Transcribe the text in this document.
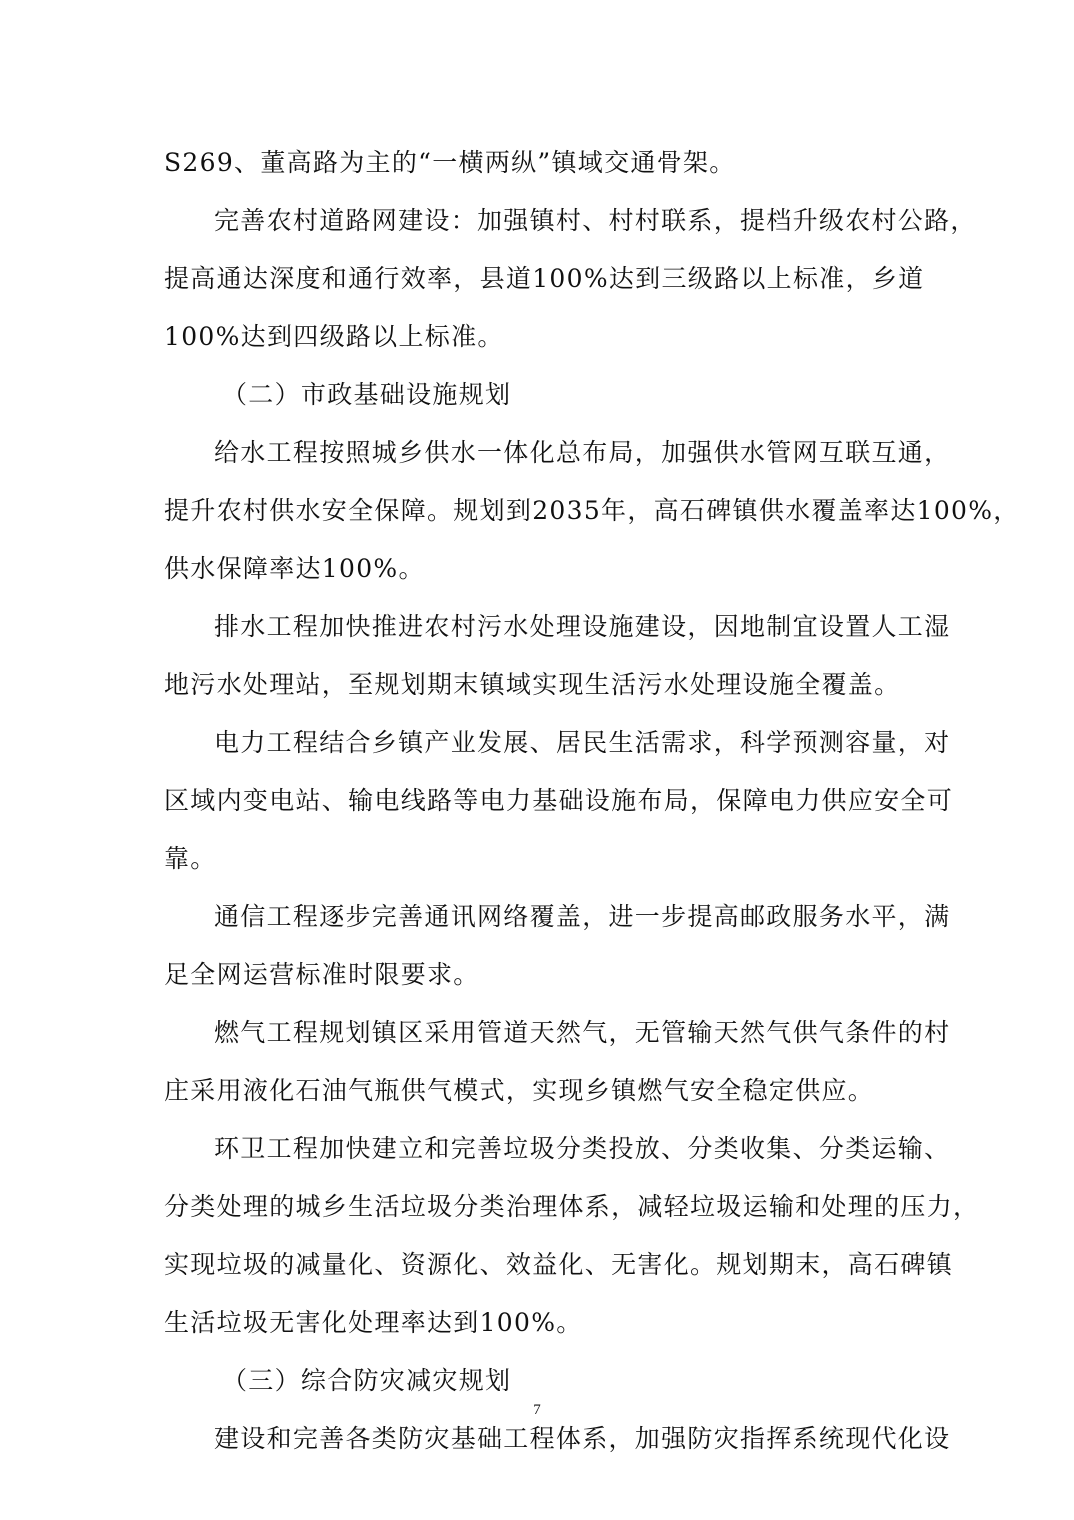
S269、董高路为主的“一横两纵”镇域交通骨架。
完善农村道路网建设：加强镇村、村村联系，提档升级农村公路，
提高通达深度和通行效率，县道100%达到三级路以上标准，乡道
100%达到四级路以上标准。
（二）市政基础设施规划
给水工程按照城乡供水一体化总布局，加强供水管网互联互通，
提升农村供水安全保障。规划到2035年，高石碑镇供水覆盖率达100%，
供水保障率达100%。
排水工程加快推进农村污水处理设施建设，因地制宜设置人工湿
地污水处理站，至规划期末镇域实现生活污水处理设施全覆盖。
电力工程结合乡镇产业发展、居民生活需求，科学预测容量，对
区域内变电站、输电线路等电力基础设施布局，保障电力供应安全可
靠。
通信工程逐步完善通讯网络覆盖，进一步提高邮政服务水平，满
足全网运营标准时限要求。
燃气工程规划镇区采用管道天然气，无管输天然气供气条件的村
庄采用液化石油气瓶供气模式，实现乡镇燃气安全稳定供应。
环卫工程加快建立和完善垃圾分类投放、分类收集、分类运输、
分类处理的城乡生活垃圾分类治理体系，减轻垃圾运输和处理的压力，
实现垃圾的减量化、资源化、效益化、无害化。规划期末，高石碑镇
生活垃圾无害化处理率达到100%。
（三）综合防灾减灾规划
建设和完善各类防灾基础工程体系，加强防灾指挥系统现代化设
7
